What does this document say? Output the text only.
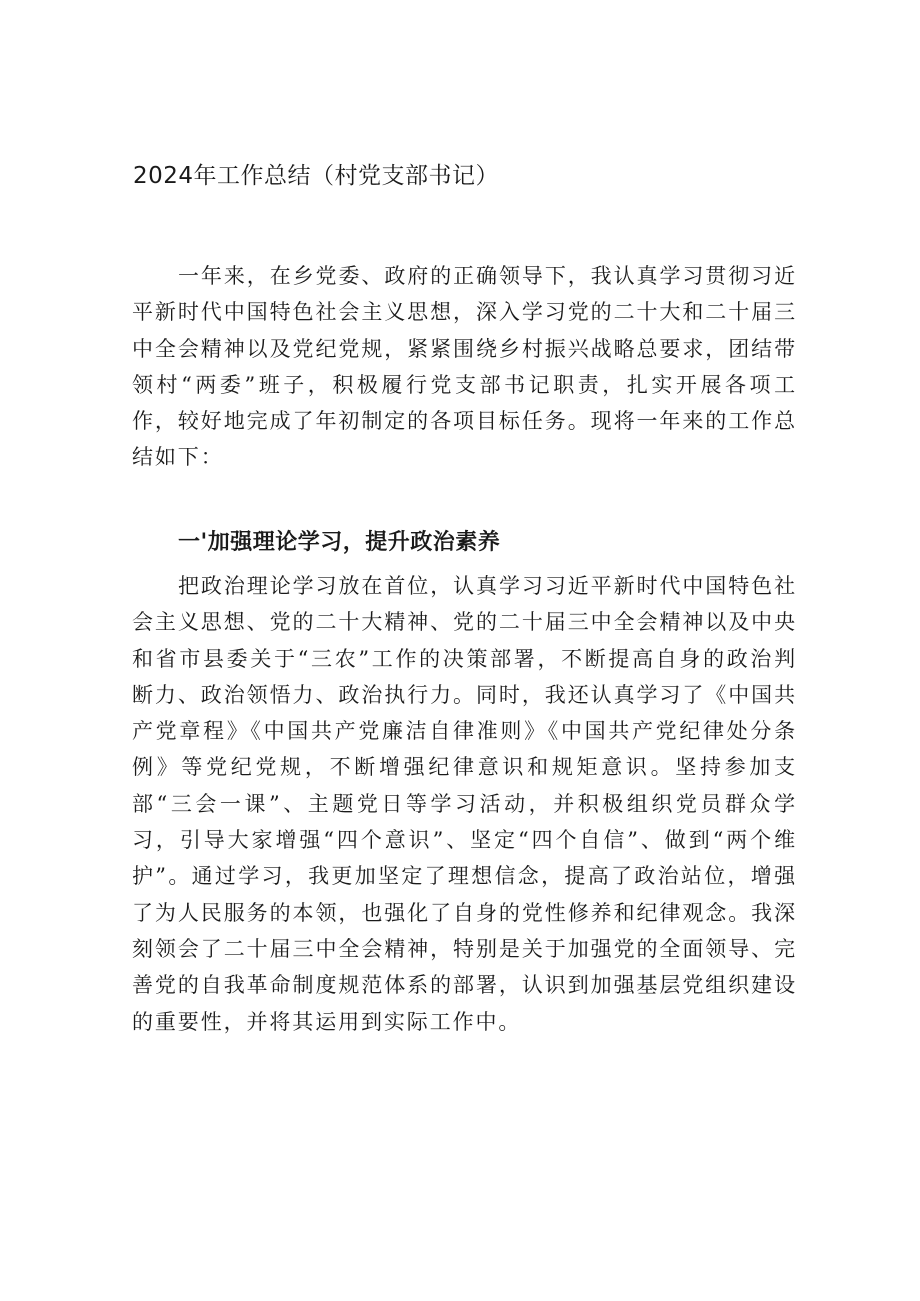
2024年工作总结（村党支部书记）

一年来，在乡党委、政府的正确领导下，我认真学习贯彻习近平新时代中国特色社会主义思想，深入学习党的二十大和二十届三中全会精神以及党纪党规，紧紧围绕乡村振兴战略总要求，团结带领村“两委”班子，积极履行党支部书记职责，扎实开展各项工作，较好地完成了年初制定的各项目标任务。现将一年来的工作总结如下：

一'加强理论学习，提升政治素养

把政治理论学习放在首位，认真学习习近平新时代中国特色社会主义思想、党的二十大精神、党的二十届三中全会精神以及中央和省市县委关于“三农”工作的决策部署，不断提高自身的政治判断力、政治领悟力、政治执行力。同时，我还认真学习了《中国共产党章程》《中国共产党廉洁自律准则》《中国共产党纪律处分条例》等党纪党规，不断增强纪律意识和规矩意识。坚持参加支部“三会一课”、主题党日等学习活动，并积极组织党员群众学习，引导大家增强“四个意识”、坚定“四个自信”、做到“两个维护”。通过学习，我更加坚定了理想信念，提高了政治站位，增强了为人民服务的本领，也强化了自身的党性修养和纪律观念。我深刻领会了二十届三中全会精神，特别是关于加强党的全面领导、完善党的自我革命制度规范体系的部署，认识到加强基层党组织建设的重要性，并将其运用到实际工作中。
